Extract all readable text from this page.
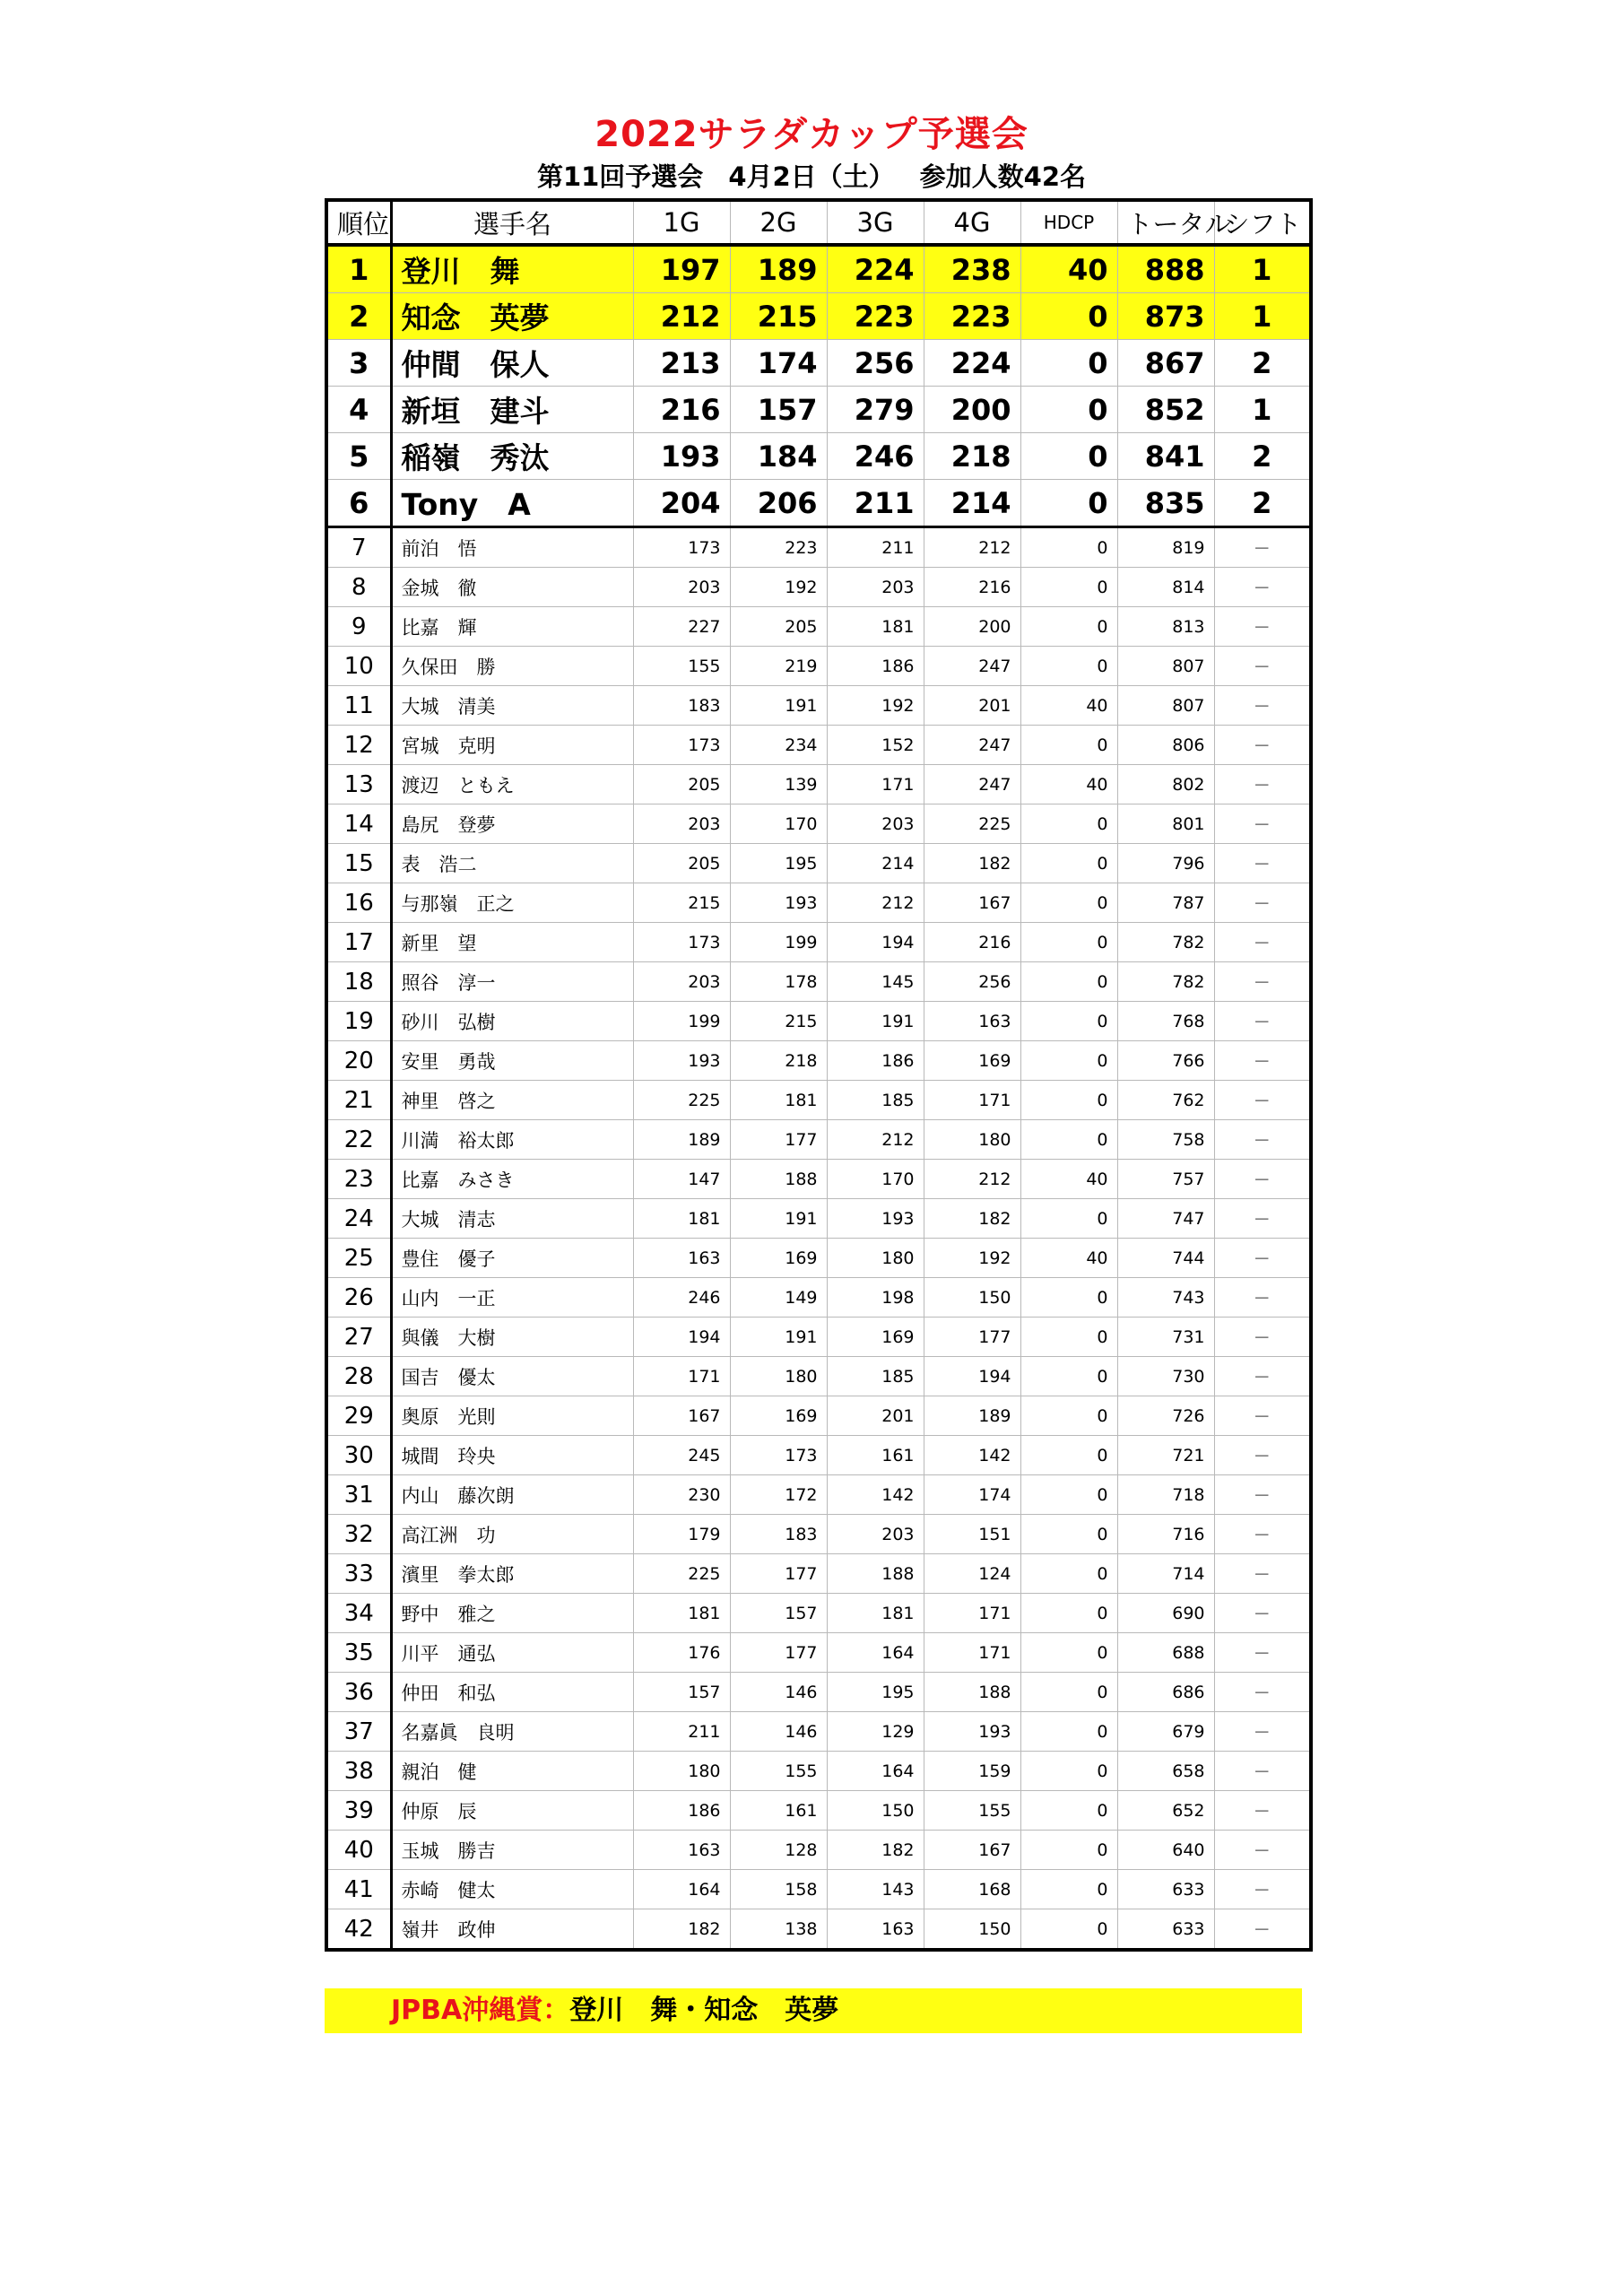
2022サラダカップ予選会
第11回予選会 4月2日（土） 参加人数42名
順位	選手名	1G	2G	3G	4G	HDCP	トータル	シフト
1	登川　舞	197	189	224	238	40	888	1
2	知念　英夢	212	215	223	223	0	873	1
3	仲間　保人	213	174	256	224	0	867	2
4	新垣　建斗	216	157	279	200	0	852	1
5	稲嶺　秀汰	193	184	246	218	0	841	2
6	Tony　A	204	206	211	214	0	835	2
7	前泊　悟	173	223	211	212	0	819	－
8	金城　徹	203	192	203	216	0	814	－
9	比嘉　輝	227	205	181	200	0	813	－
10	久保田　勝	155	219	186	247	0	807	－
11	大城　清美	183	191	192	201	40	807	－
12	宮城　克明	173	234	152	247	0	806	－
13	渡辺　ともえ	205	139	171	247	40	802	－
14	島尻　登夢	203	170	203	225	0	801	－
15	表　浩二	205	195	214	182	0	796	－
16	与那嶺　正之	215	193	212	167	0	787	－
17	新里　望	173	199	194	216	0	782	－
18	照谷　淳一	203	178	145	256	0	782	－
19	砂川　弘樹	199	215	191	163	0	768	－
20	安里　勇哉	193	218	186	169	0	766	－
21	神里　啓之	225	181	185	171	0	762	－
22	川満　裕太郎	189	177	212	180	0	758	－
23	比嘉　みさき	147	188	170	212	40	757	－
24	大城　清志	181	191	193	182	0	747	－
25	豊住　優子	163	169	180	192	40	744	－
26	山内　一正	246	149	198	150	0	743	－
27	與儀　大樹	194	191	169	177	0	731	－
28	国吉　優太	171	180	185	194	0	730	－
29	奥原　光則	167	169	201	189	0	726	－
30	城間　玲央	245	173	161	142	0	721	－
31	内山　藤次朗	230	172	142	174	0	718	－
32	高江洲　功	179	183	203	151	0	716	－
33	濱里　拳太郎	225	177	188	124	0	714	－
34	野中　雅之	181	157	181	171	0	690	－
35	川平　通弘	176	177	164	171	0	688	－
36	仲田　和弘	157	146	195	188	0	686	－
37	名嘉眞　良明	211	146	129	193	0	679	－
38	親泊　健	180	155	164	159	0	658	－
39	仲原　辰	186	161	150	155	0	652	－
40	玉城　勝吉	163	128	182	167	0	640	－
41	赤崎　健太	164	158	143	168	0	633	－
42	嶺井　政伸	182	138	163	150	0	633	－
JPBA沖縄賞：登川　舞・知念　英夢
